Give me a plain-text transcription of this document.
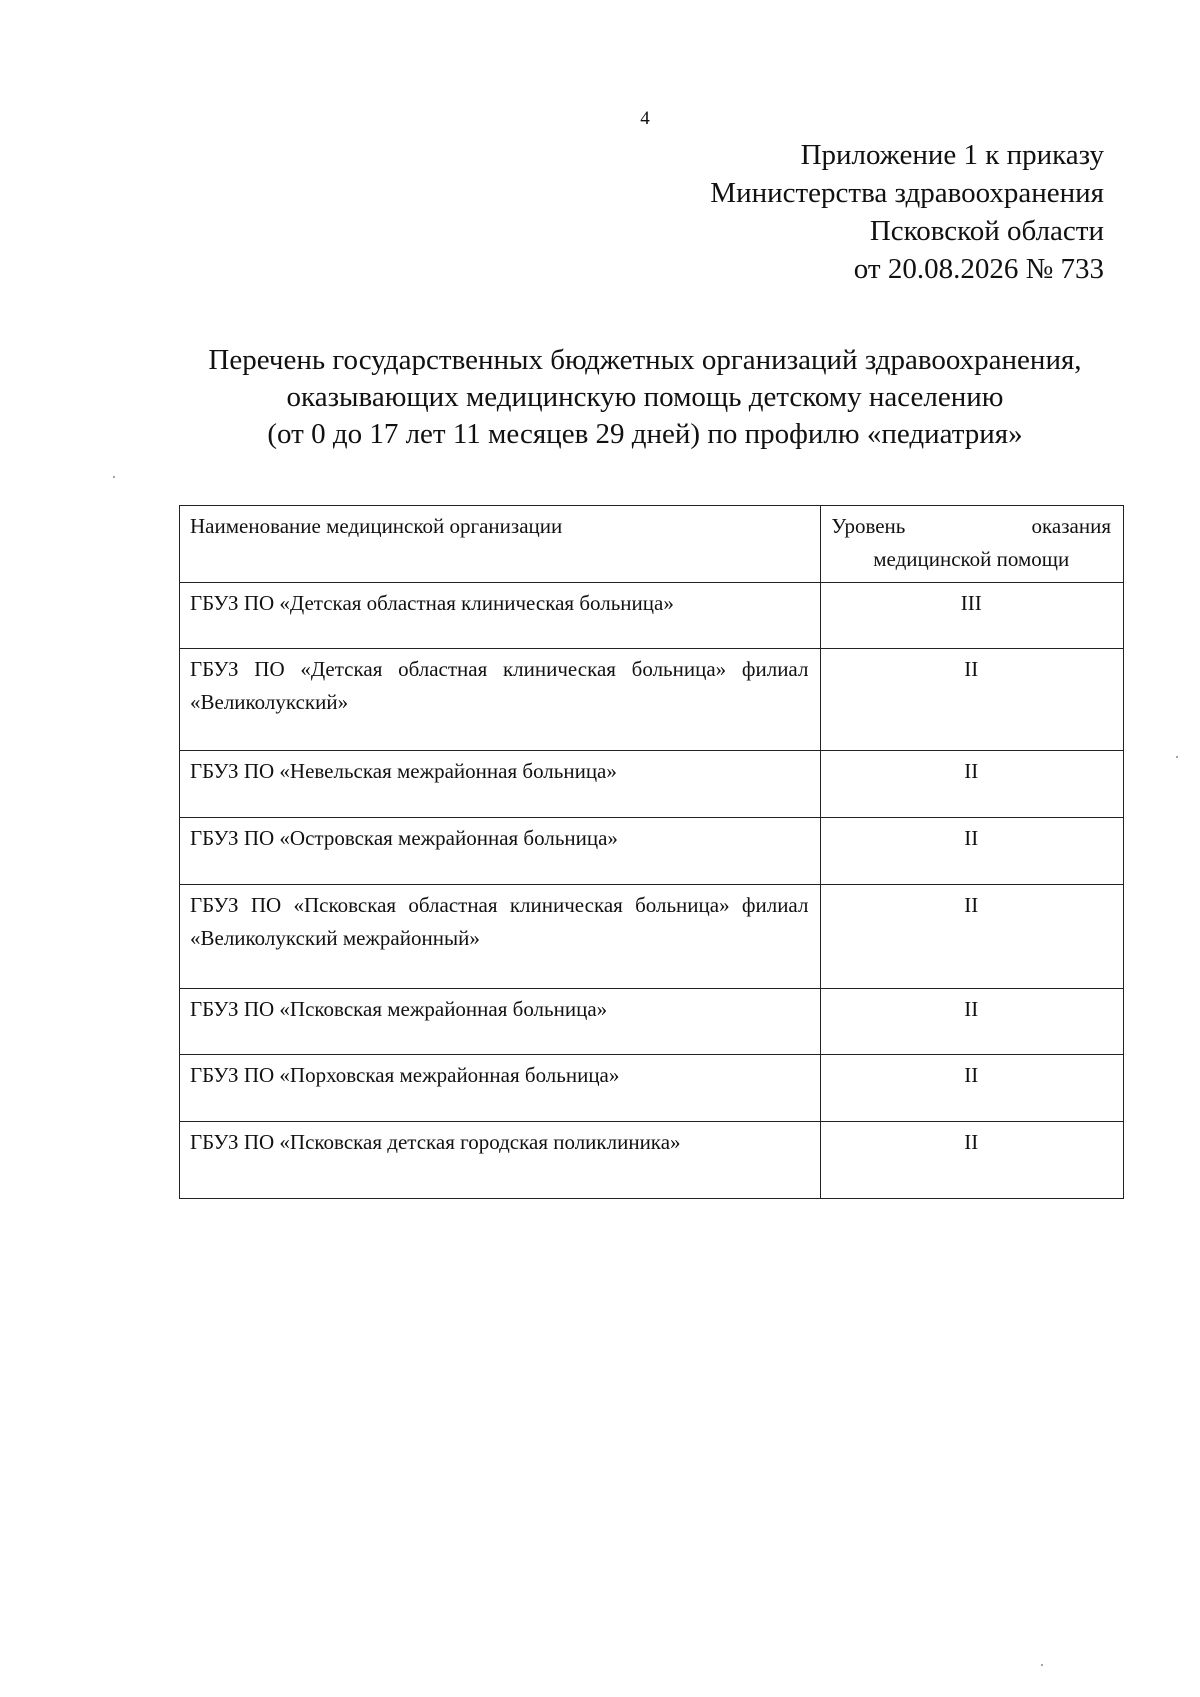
4
Приложение 1 к приказу
Министерства здравоохранения
Псковской области
от 20.08.2026 № 733
Перечень государственных бюджетных организаций здравоохранения,
оказывающих медицинскую помощь детскому населению
(от 0 до 17 лет 11 месяцев 29 дней) по профилю «педиатрия»
Наименование медицинской организации	Уровень оказания
медицинской помощи

ГБУЗ ПО «Детская областная клиническая больница»	III
ГБУЗ ПО «Детская областная клиническая больница» филиал «Великолукский»	II
ГБУЗ ПО «Невельская межрайонная больница»	II
ГБУЗ ПО «Островская межрайонная больница»	II
ГБУЗ ПО «Псковская областная клиническая больница» филиал «Великолукский межрайонный»	II
ГБУЗ ПО «Псковская межрайонная больница»	II
ГБУЗ ПО «Порховская межрайонная больница»	II
ГБУЗ ПО «Псковская детская городская поликлиника»	II
